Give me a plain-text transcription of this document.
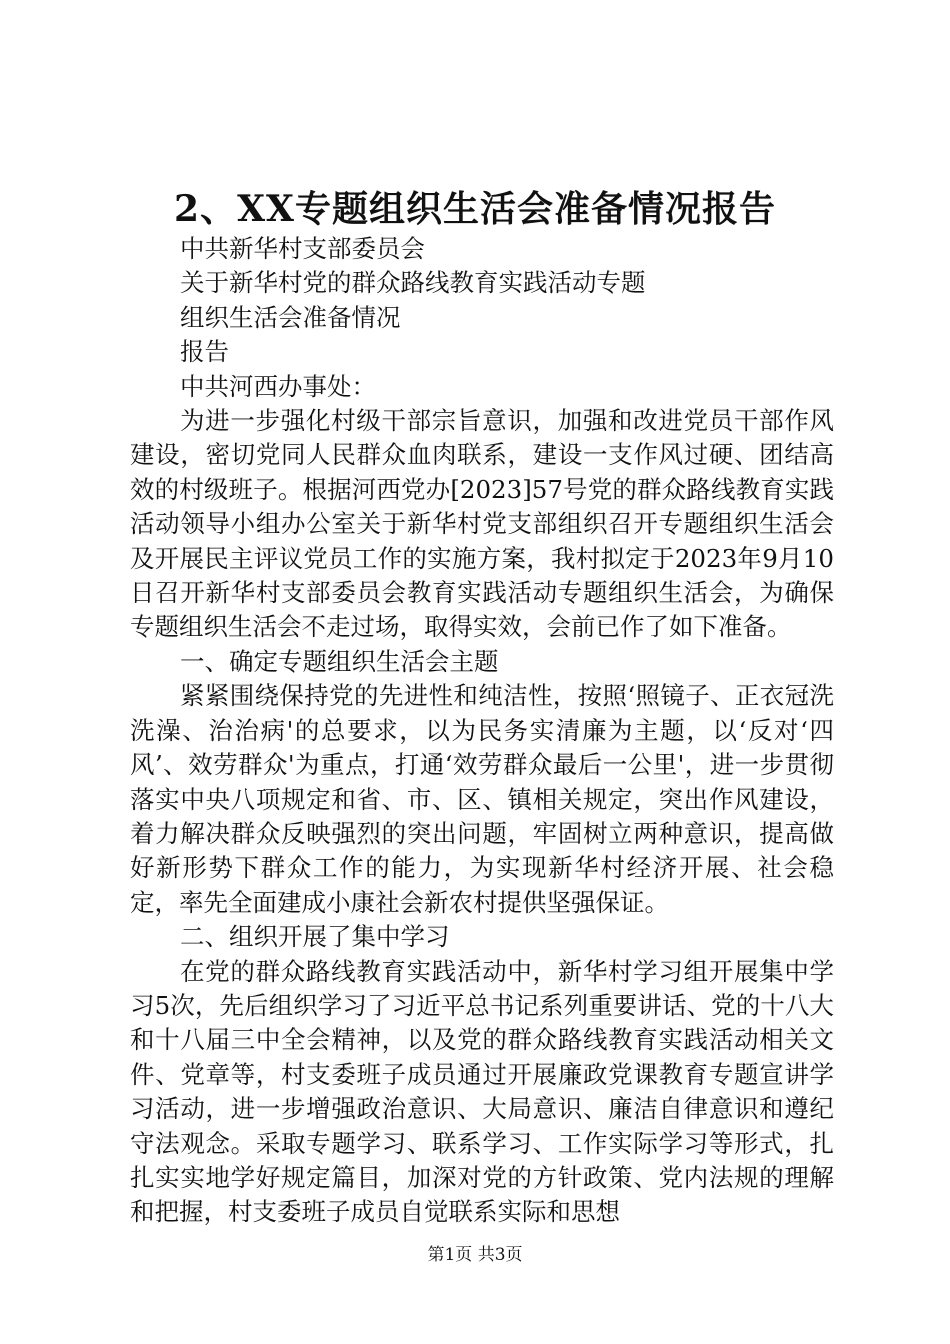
2、XX专题组织生活会准备情况报告

中共新华村支部委员会

关于新华村党的群众路线教育实践活动专题

组织生活会准备情况

报告

中共河西办事处：

为进一步强化村级干部宗旨意识，加强和改进党员干部作风建设，密切党同人民群众血肉联系，建设一支作风过硬、团结高效的村级班子。根据河西党办[2023]57号党的群众路线教育实践活动领导小组办公室关于新华村党支部组织召开专题组织生活会及开展民主评议党员工作的实施方案，我村拟定于2023年9月10日召开新华村支部委员会教育实践活动专题组织生活会，为确保专题组织生活会不走过场，取得实效，会前已作了如下准备。

一、确定专题组织生活会主题

紧紧围绕保持党的先进性和纯洁性，按照‘照镜子、正衣冠洗洗澡、治治病'的总要求，以为民务实清廉为主题，以‘反对‘四风’、效劳群众'为重点，打通‘效劳群众最后一公里'，进一步贯彻落实中央八项规定和省、市、区、镇相关规定，突出作风建设，着力解决群众反映强烈的突出问题，牢固树立两种意识，提高做好新形势下群众工作的能力，为实现新华村经济开展、社会稳定，率先全面建成小康社会新农村提供坚强保证。

二、组织开展了集中学习

在党的群众路线教育实践活动中，新华村学习组开展集中学习5次，先后组织学习了习近平总书记系列重要讲话、党的十八大和十八届三中全会精神，以及党的群众路线教育实践活动相关文件、党章等，村支委班子成员通过开展廉政党课教育专题宣讲学习活动，进一步增强政治意识、大局意识、廉洁自律意识和遵纪守法观念。采取专题学习、联系学习、工作实际学习等形式，扎扎实实地学好规定篇目，加深对党的方针政策、党内法规的理解和把握，村支委班子成员自觉联系实际和思想

第1页 共3页
